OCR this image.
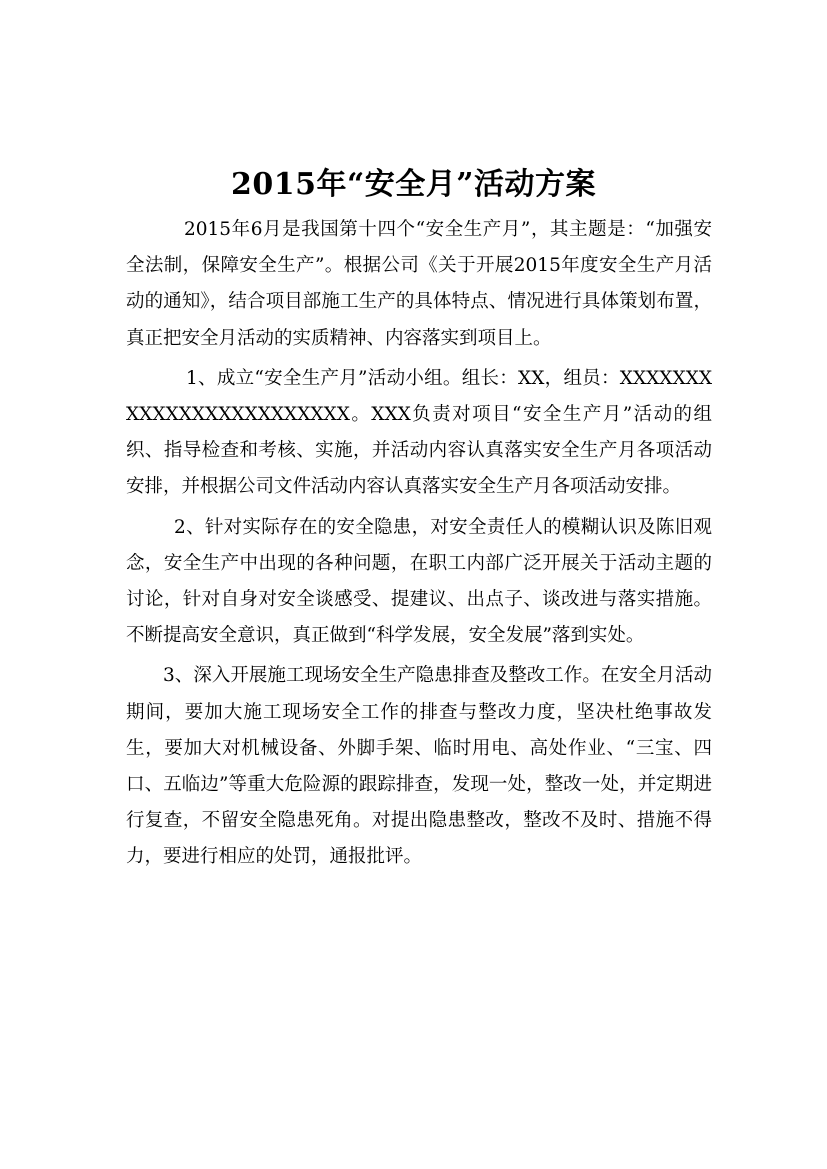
2015年“安全月”活动方案

2015年6月是我国第十四个“安全生产月”，其主题是：“加强安全法制，保障安全生产”。根据公司《关于开展2015年度安全生产月活动的通知》，结合项目部施工生产的具体特点、情况进行具体策划布置，真正把安全月活动的实质精神、内容落实到项目上。

1、成立“安全生产月”活动小组。组长：XX，组员：XXXXXXXXXXXXXXXXXXXXXXXX。XXX负责对项目“安全生产月”活动的组织、指导检查和考核、实施，并活动内容认真落实安全生产月各项活动安排，并根据公司文件活动内容认真落实安全生产月各项活动安排。

2、针对实际存在的安全隐患，对安全责任人的模糊认识及陈旧观念，安全生产中出现的各种问题，在职工内部广泛开展关于活动主题的讨论，针对自身对安全谈感受、提建议、出点子、谈改进与落实措施。不断提高安全意识，真正做到“科学发展，安全发展”落到实处。

3、深入开展施工现场安全生产隐患排查及整改工作。在安全月活动期间，要加大施工现场安全工作的排查与整改力度，坚决杜绝事故发生，要加大对机械设备、外脚手架、临时用电、高处作业、“三宝、四口、五临边”等重大危险源的跟踪排查，发现一处，整改一处，并定期进行复查，不留安全隐患死角。对提出隐患整改，整改不及时、措施不得力，要进行相应的处罚，通报批评。
